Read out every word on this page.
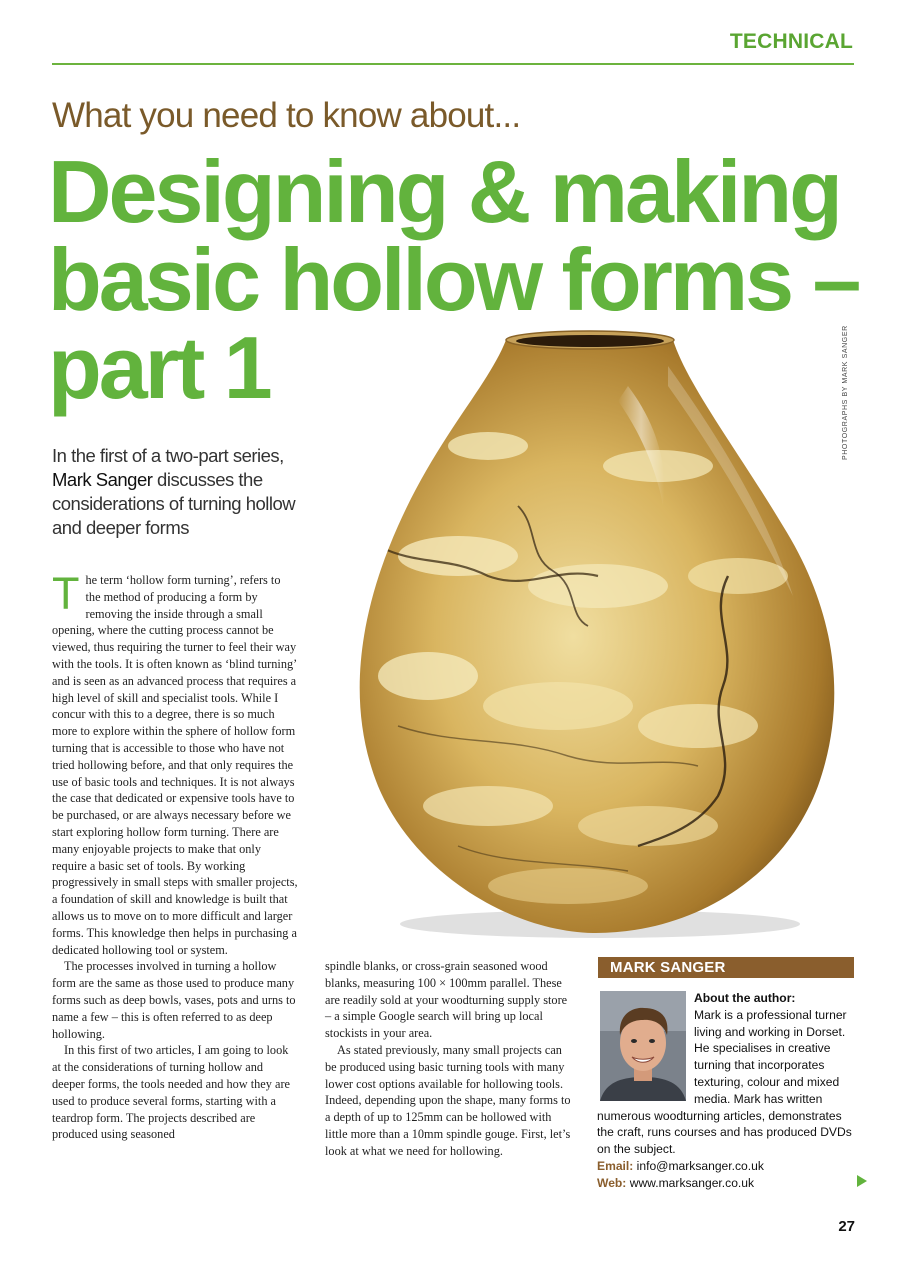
TECHNICAL
What you need to know about...
Designing & making
basic hollow forms –
part 1	PHOTOGRAPHS BY MARK SANGER
In the first of a two-part series, Mark Sanger discusses the considerations of turning hollow and deeper forms

The term ‘hollow form turning’, refers to the method of producing a form by removing the inside through a small opening, where the cutting process cannot be viewed, thus requiring the turner to feel their way with the tools. It is often known as ‘blind turning’ and is seen as an advanced process that requires a high level of skill and specialist tools. While I concur with this to a degree, there is so much more to explore within the sphere of hollow form turning that is accessible to those who have not tried hollowing before, and that only requires the use of basic tools and techniques. It is not always the case that dedicated or expensive tools have to be purchased, or are always necessary before we start exploring hollow form turning. There are many enjoyable projects to make that only require a basic set of tools. By working progressively in small steps with smaller projects, a foundation of skill and knowledge is built that allows us to move on to more difficult and larger forms. This knowledge then helps in purchasing a dedicated hollowing tool or system.

The processes involved in turning a hollow form are the same as those used to produce many forms such as deep bowls, vases, pots and urns to name a few – this is often referred to as deep hollowing.

In this first of two articles, I am going to look at the considerations of turning hollow and deeper forms, the tools needed and how they are used to produce several forms, starting with a teardrop form. The projects described are produced using seasoned

spindle blanks, or cross-grain seasoned wood blanks, measuring 100 × 100mm parallel. These are readily sold at your woodturning supply store – a simple Google search will bring up local stockists in your area.

As stated previously, many small projects can be produced using basic turning tools with many lower cost options available for hollowing tools. Indeed, depending upon the shape, many forms to a depth of up to 125mm can be hollowed with little more than a 10mm spindle gouge. First, let’s look at what we need for hollowing.

MARK SANGER
About the author:
Mark is a professional turner living and working in Dorset. He specialises in creative turning that incorporates texturing, colour and mixed media. Mark has written numerous woodturning articles, demonstrates the craft, runs courses and has produced DVDs on the subject.
Email: info@marksanger.co.uk
Web: www.marksanger.co.uk
27
